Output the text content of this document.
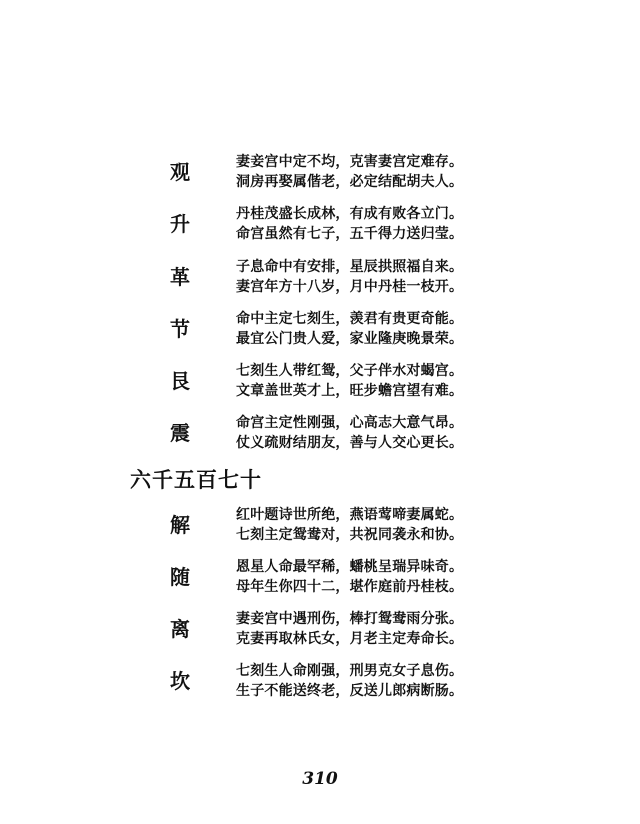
观	妻妾宫中定不均，克害妻宫定难存。
洞房再娶属偕老，必定结配胡夫人。
升	丹桂茂盛长成林，有成有败各立门。
命宫虽然有七子，五千得力送归莹。
革	子息命中有安排，星辰拱照福自来。
妻宫年方十八岁，月中丹桂一枝开。
节	命中主定七刻生，羡君有贵更奇能。
最宜公门贵人爱，家业隆庚晚景荣。
艮	七刻生人带红鸳，父子伴水对蝎宫。
文章盖世英才上，旺步蟾宫望有难。
震	命宫主定性刚强，心高志大意气昂。
仗义疏财结朋友，善与人交心更长。
六千五百七十
解	红叶题诗世所绝，燕语莺啼妻属蛇。
七刻主定鸳鸯对，共祝同袭永和协。
随	恩星人命最罕稀，蟠桃呈瑞异味奇。
母年生你四十二，堪作庭前丹桂枝。
离	妻妾宫中遇刑伤，棒打鸳鸯雨分张。
克妻再取林氏女，月老主定寿命长。
坎	七刻生人命刚强，刑男克女子息伤。
生子不能送终老，反送儿郎病断肠。
310
